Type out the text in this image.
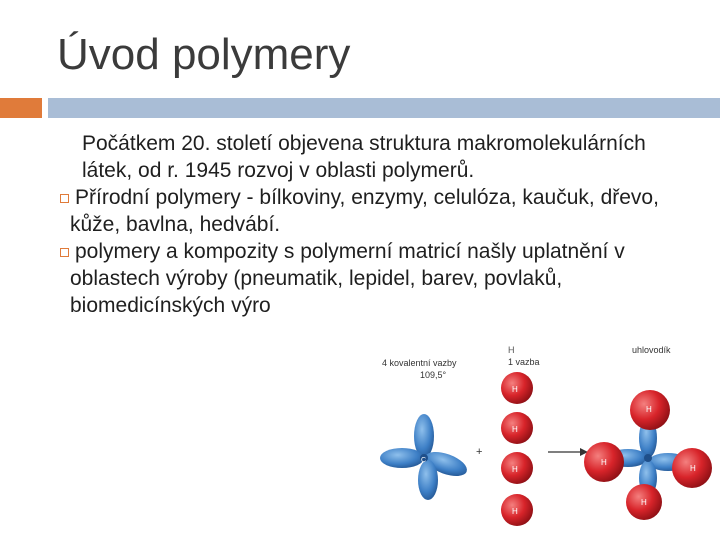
Úvod polymery

Počátkem 20. století objevena struktura makromolekulárních látek, od r. 1945 rozvoj v oblasti polymerů.

Přírodní polymery - bílkoviny, enzymy, celulóza, kaučuk, dřevo, kůže, bavlna, hedvábí.

polymery a kompozity s polymerní matricí našly uplatnění v oblastech výroby (pneumatik, lepidel, barev, povlaků, biomedicínských výro

4 kovalentní vazby
109,5°
H
1 vazba
uhlovodík
C
+
H
H
H
H
H
H
H
H
